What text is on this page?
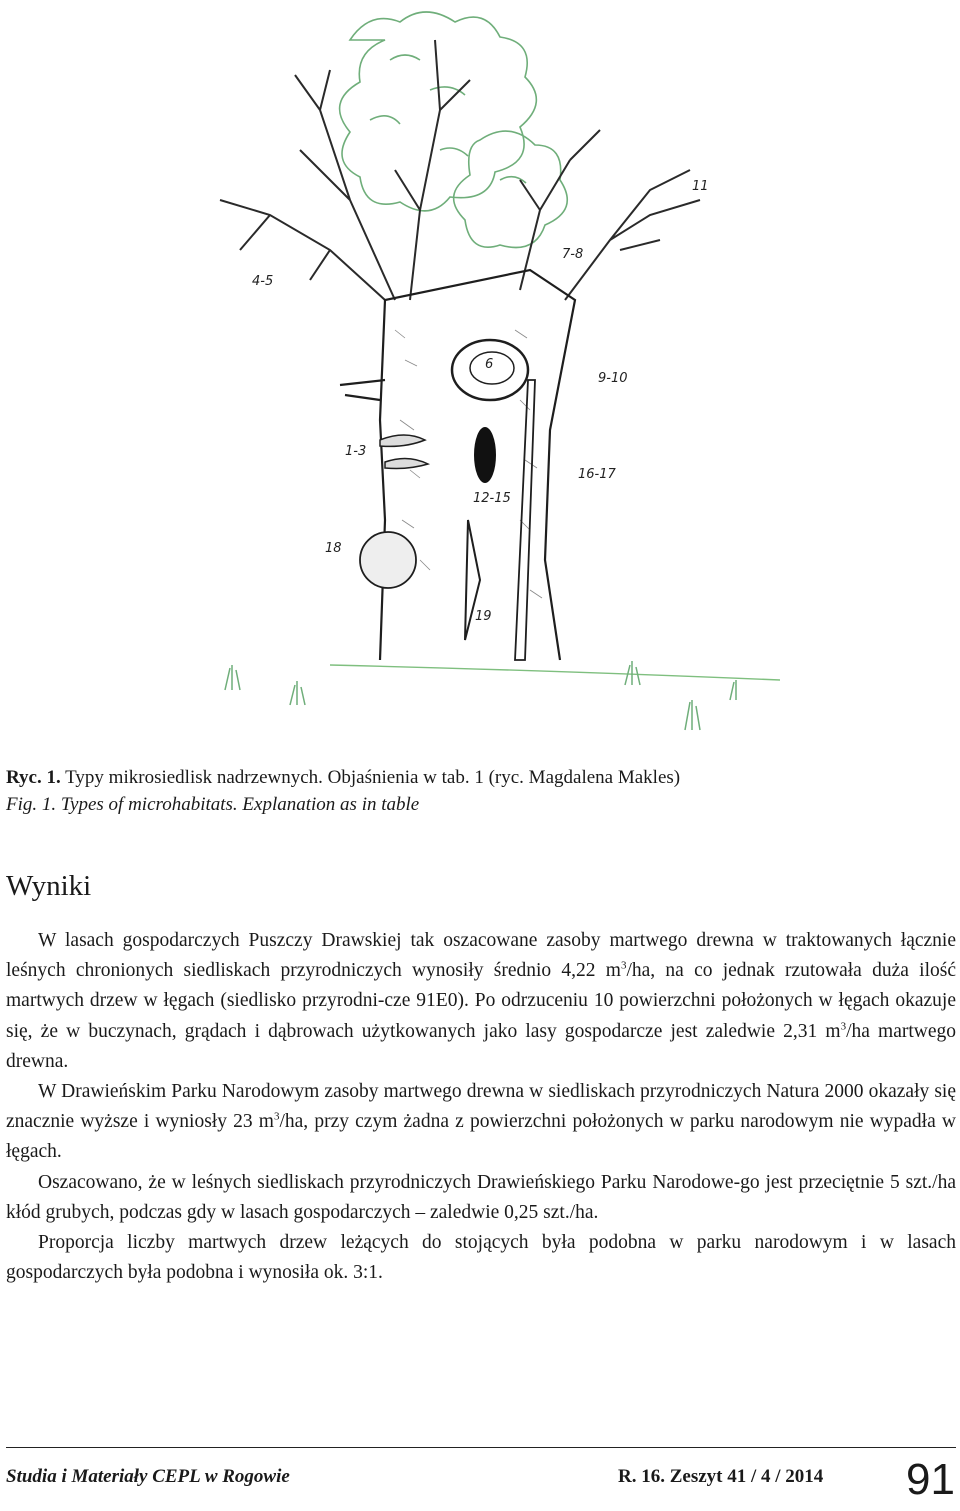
1-3
4-5
6
7-8
9-10
11
12-15
16-17
18
19
Ryc. 1. Typy mikrosiedlisk nadrzewnych. Objaśnienia w tab. 1 (ryc. Magdalena Makles)
Fig. 1. Types of microhabitats. Explanation as in table
Wyniki

W lasach gospodarczych Puszczy Drawskiej tak oszacowane zasoby martwego drewna w traktowanych łącznie leśnych chronionych siedliskach przyrodniczych wynosiły średnio 4,22 $m^3/ha$, na co jednak rzutowała duża ilość martwych drzew w łęgach (siedlisko przyrodni-cze 91E0). Po odrzuceniu 10 powierzchni położonych w łęgach okazuje się, że w buczynach, grądach i dąbrowach użytkowanych jako lasy gospodarcze jest zaledwie 2,31 $m^3/ha$ martwego drewna.

W Drawieńskim Parku Narodowym zasoby martwego drewna w siedliskach przyrodniczych Natura 2000 okazały się znacznie wyższe i wyniosły 23 $m^3/ha$, przy czym żadna z powierzchni położonych w parku narodowym nie wypadła w łęgach.

Oszacowano, że w leśnych siedliskach przyrodniczych Drawieńskiego Parku Narodowe-go jest przeciętnie 5 szt./ha kłód grubych, podczas gdy w lasach gospodarczych – zaledwie 0,25 szt./ha.

Proporcja liczby martwych drzew leżących do stojących była podobna w parku narodowym i w lasach gospodarczych była podobna i wynosiła ok. 3:1.

Studia i Materiały CEPL w Rogowie	R. 16. Zeszyt 41 / 4 / 2014 91
